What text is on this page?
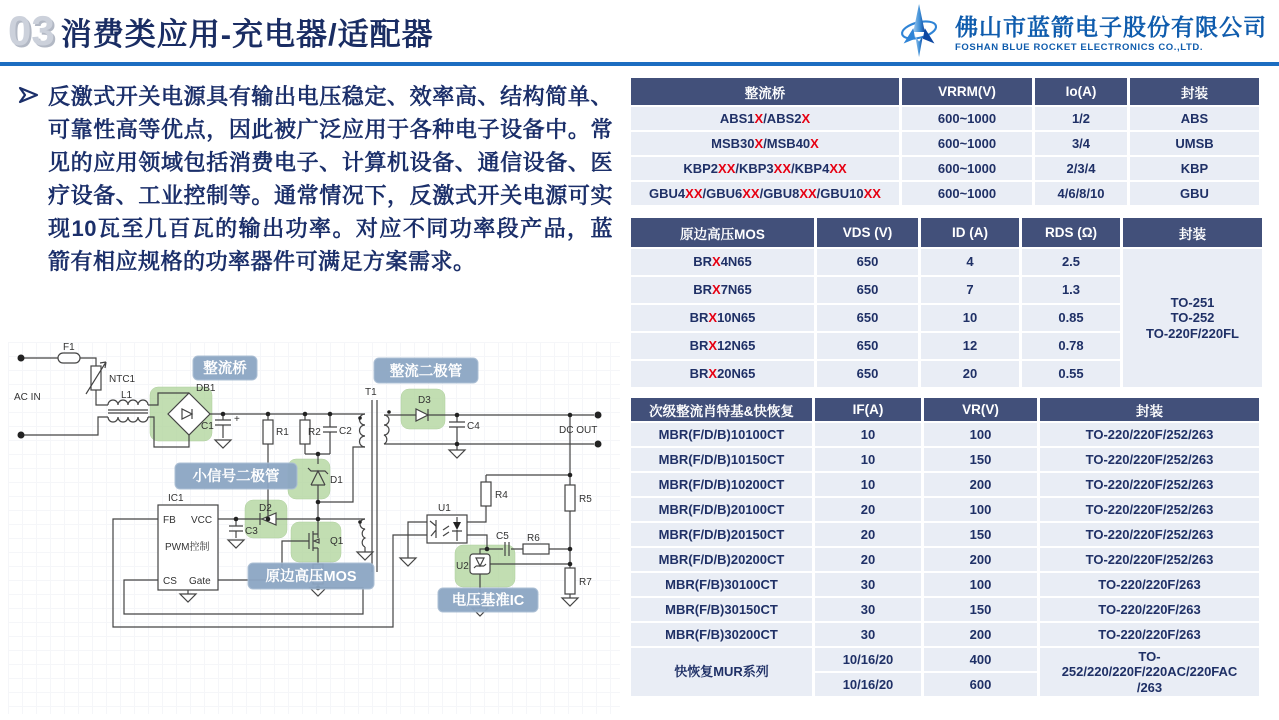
03 消费类应用-充电器/适配器	佛山市蓝箭电子股份有限公司
FOSHAN BLUE ROCKET ELECTRONICS CO.,LTD.
反激式开关电源具有输出电压稳定、效率高、结构简单、可靠性高等优点，因此被广泛应用于各种电子设备中。常见的应用领域包括消费电子、计算机设备、通信设备、医疗设备、工业控制等。通常情况下，反激式开关电源可实现10瓦至几百瓦的输出功率。对应不同功率段产品，蓝箭有相应规格的功率器件可满足方案需求。
AC IN
DC OUT
F1
NTC1
L1
DB1
C1
+
R1 R2 C2
D1
D2
Q1
C3
IC1
FB VCC
PWM控制
CS Gate
T1
D3
C4
R4	R5
R7
U1
C5 R6
U2
整流桥	整流二极管
小信号二极管
原边高压MOS
电压基准IC
整流桥	VRRM(V)	Io(A)	封装
ABS1X/ABS2X	600~1000	1/2	ABS
MSB30X/MSB40X	600~1000	3/4	UMSB
KBP2XX/KBP3XX/KBP4XX	600~1000	2/3/4	KBP
GBU4XX/GBU6XX/GBU8XX/GBU10XX	600~1000	4/6/8/10	GBU
原边高压MOS	VDS (V)	ID (A)	RDS (Ω)	封装
BRX4N65	650	4	2.5	TO-251
TO-252
TO-220F/220FL
BRX7N65	650	7	1.3	
BRX10N65	650	10	0.85	
BRX12N65	650	12	0.78	
BRX20N65	650	20	0.55	
次级整流肖特基&快恢复	IF(A)	VR(V)	封装
MBR(F/D/B)10100CT	10	100	TO-220/220F/252/263
MBR(F/D/B)10150CT	10	150	TO-220/220F/252/263
MBR(F/D/B)10200CT	10	200	TO-220/220F/252/263
MBR(F/D/B)20100CT	20	100	TO-220/220F/252/263
MBR(F/D/B)20150CT	20	150	TO-220/220F/252/263
MBR(F/D/B)20200CT	20	200	TO-220/220F/252/263
MBR(F/B)30100CT	30	100	TO-220/220F/263
MBR(F/B)30150CT	30	150	TO-220/220F/263
MBR(F/B)30200CT	30	200	TO-220/220F/263
快恢复MUR系列	10/16/20	400	TO-
252/220/220F/220AC/220FAC
/263
	10/16/20	600	
